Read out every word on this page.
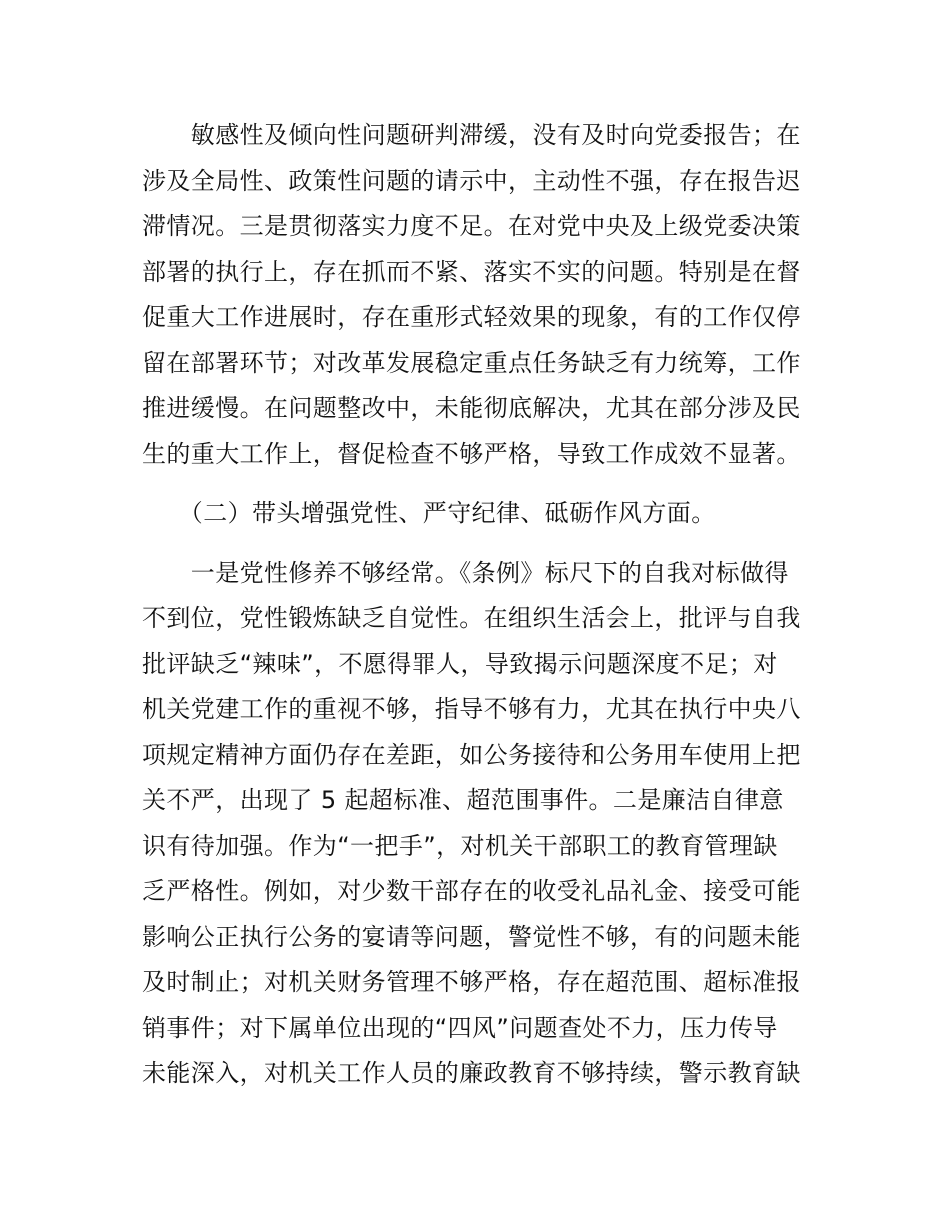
　　敏感性及倾向性问题研判滞缓，没有及时向党委报告；在
涉及全局性、政策性问题的请示中，主动性不强，存在报告迟
滞情况。三是贯彻落实力度不足。在对党中央及上级党委决策
部署的执行上，存在抓而不紧、落实不实的问题。特别是在督
促重大工作进展时，存在重形式轻效果的现象，有的工作仅停
留在部署环节；对改革发展稳定重点任务缺乏有力统筹，工作
推进缓慢。在问题整改中，未能彻底解决，尤其在部分涉及民
生的重大工作上，督促检查不够严格，导致工作成效不显著。
　　（二）带头增强党性、严守纪律、砥砺作风方面。
　　一是党性修养不够经常。《条例》标尺下的自我对标做得
不到位，党性锻炼缺乏自觉性。在组织生活会上，批评与自我
批评缺乏“辣味”，不愿得罪人，导致揭示问题深度不足；对
机关党建工作的重视不够，指导不够有力，尤其在执行中央八
项规定精神方面仍存在差距，如公务接待和公务用车使用上把
关不严，出现了 5 起超标准、超范围事件。二是廉洁自律意
识有待加强。作为“一把手”，对机关干部职工的教育管理缺
乏严格性。例如，对少数干部存在的收受礼品礼金、接受可能
影响公正执行公务的宴请等问题，警觉性不够，有的问题未能
及时制止；对机关财务管理不够严格，存在超范围、超标准报
销事件；对下属单位出现的“四风”问题查处不力，压力传导
未能深入，对机关工作人员的廉政教育不够持续，警示教育缺
